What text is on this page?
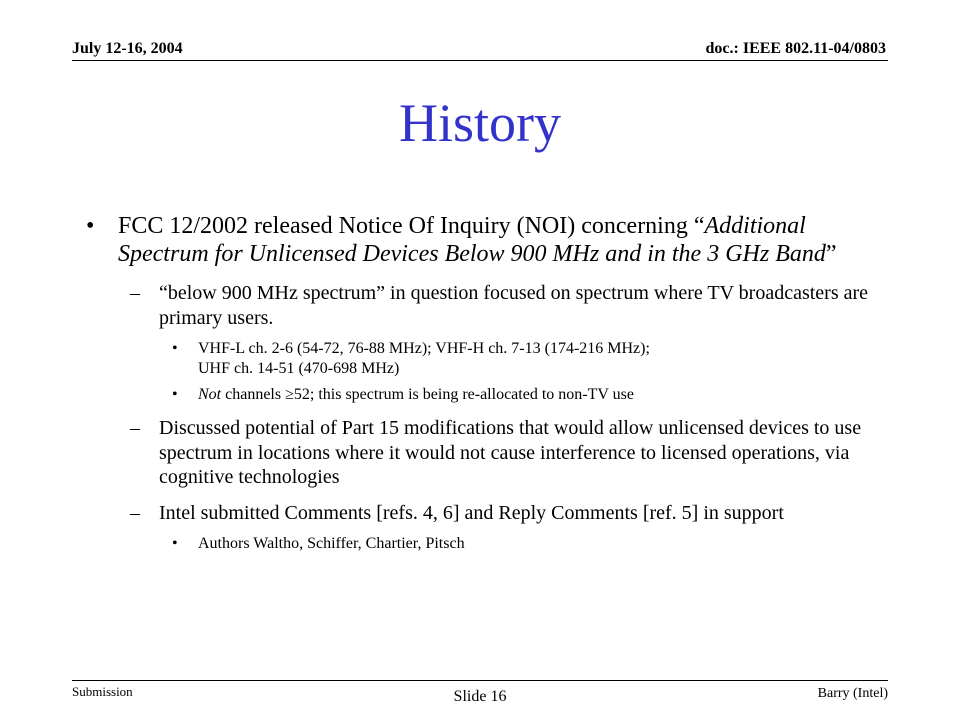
July 12-16, 2004	doc.: IEEE 802.11-04/0803
History
• FCC 12/2002 released Notice Of Inquiry (NOI) concerning “Additional Spectrum for Unlicensed Devices Below 900 MHz and in the 3 GHz Band”
– “below 900 MHz spectrum” in question focused on spectrum where TV broadcasters are primary users.
• VHF-L ch. 2-6 (54-72, 76-88 MHz); VHF-H ch. 7-13 (174-216 MHz);
UHF ch. 14-51 (470-698 MHz)
• Not channels ≥52; this spectrum is being re-allocated to non-TV use
– Discussed potential of Part 15 modifications that would allow unlicensed devices to use spectrum in locations where it would not cause interference to licensed operations, via cognitive technologies
– Intel submitted Comments [refs. 4, 6] and Reply Comments [ref. 5] in support
• Authors Waltho, Schiffer, Chartier, Pitsch
Submission	Slide 16	Barry (Intel)
